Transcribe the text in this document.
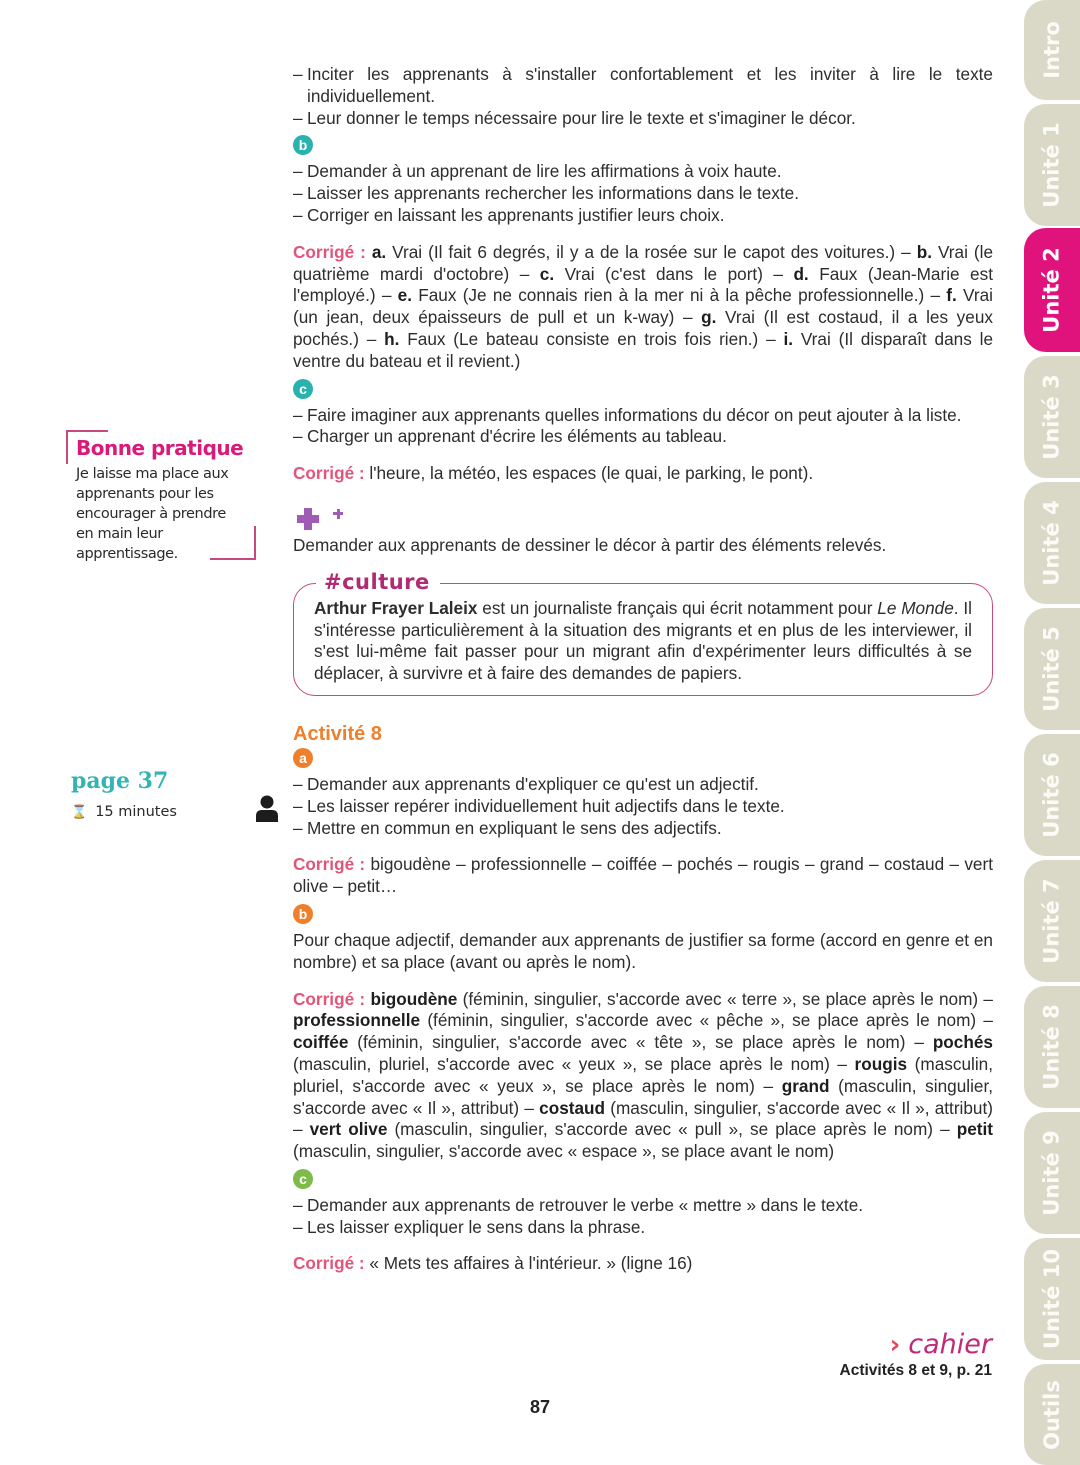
Intro
Unité 1
Unité 2
Unité 3
Unité 4
Unité 5
Unité 6
Unité 7
Unité 8
Unité 9
Unité 10
Outils
Bonne pratique
Je laisse ma place aux apprenants pour les encourager à prendre en main leur apprentissage.
page 37
⌛ 15 minutes
– Inciter les apprenants à s'installer confortablement et les inviter à lire le texte individuellement.
– Leur donner le temps nécessaire pour lire le texte et s'imaginer le décor.
b
– Demander à un apprenant de lire les affirmations à voix haute.
– Laisser les apprenants rechercher les informations dans le texte.
– Corriger en laissant les apprenants justifier leurs choix.

Corrigé : a. Vrai (Il fait 6 degrés, il y a de la rosée sur le capot des voitures.) – b. Vrai (le quatrième mardi d'octobre) – c. Vrai (c'est dans le port) – d. Faux (Jean-Marie est l'employé.) – e. Faux (Je ne connais rien à la mer ni à la pêche professionnelle.) – f. Vrai (un jean, deux épaisseurs de pull et un k-way) – g. Vrai (Il est costaud, il a les yeux pochés.) – h. Faux (Le bateau consiste en trois fois rien.) – i. Vrai (Il disparaît dans le ventre du bateau et il revient.)

c
– Faire imaginer aux apprenants quelles informations du décor on peut ajouter à la liste.
– Charger un apprenant d'écrire les éléments au tableau.

Corrigé : l'heure, la météo, les espaces (le quai, le parking, le pont).

Demander aux apprenants de dessiner le décor à partir des éléments relevés.

#culture

Arthur Frayer Laleix est un journaliste français qui écrit notamment pour Le Monde. Il s'intéresse particulièrement à la situation des migrants et en plus de les interviewer, il s'est lui-même fait passer pour un migrant afin d'expérimenter leurs difficultés à se déplacer, à survivre et à faire des demandes de papiers.

Activité 8
a
– Demander aux apprenants d'expliquer ce qu'est un adjectif.
– Les laisser repérer individuellement huit adjectifs dans le texte.
– Mettre en commun en expliquant le sens des adjectifs.

Corrigé : bigoudène – professionnelle – coiffée – pochés – rougis – grand – costaud – vert olive – petit…

b

Pour chaque adjectif, demander aux apprenants de justifier sa forme (accord en genre et en nombre) et sa place (avant ou après le nom).

Corrigé : bigoudène (féminin, singulier, s'accorde avec « terre », se place après le nom) – professionnelle (féminin, singulier, s'accorde avec « pêche », se place après le nom) – coiffée (féminin, singulier, s'accorde avec « tête », se place après le nom) – pochés (masculin, pluriel, s'accorde avec « yeux », se place après le nom) – rougis (masculin, pluriel, s'accorde avec « yeux », se place après le nom) – grand (masculin, singulier, s'accorde avec « Il », attribut) – costaud (masculin, singulier, s'accorde avec « Il », attribut) – vert olive (masculin, singulier, s'accorde avec « pull », se place après le nom) – petit (masculin, singulier, s'accorde avec « espace », se place avant le nom)

c
– Demander aux apprenants de retrouver le verbe « mettre » dans le texte.
– Les laisser expliquer le sens dans la phrase.

Corrigé : « Mets tes affaires à l'intérieur. » (ligne 16)

› cahier
Activités 8 et 9, p. 21
87
